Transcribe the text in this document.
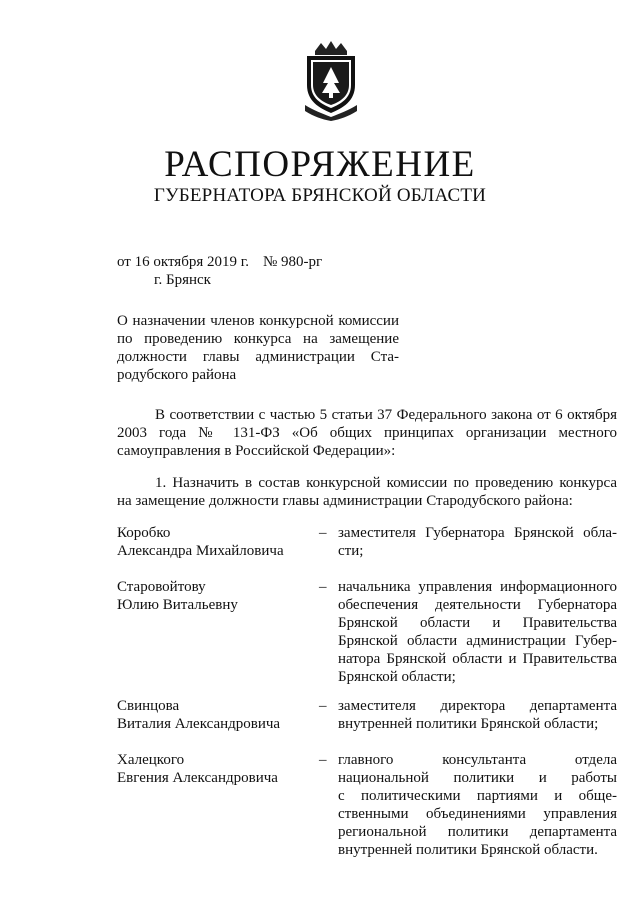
РАСПОРЯЖЕНИЕ
ГУБЕРНАТОРА БРЯНСКОЙ ОБЛАСТИ
от 16 октября 2019 г. № 980-рг
г. Брянск
О назначении членов конкурсной комиссии
по проведению конкурса на замещение
должности главы администрации Ста-
родубского района
В соответствии с частью 5 статьи 37 Федерального закона от 6 октября
2003 года № 131-ФЗ «Об общих принципах организации местного
самоуправления в Российской Федерации»:
1. Назначить в состав конкурсной комиссии по проведению конкурса
на замещение должности главы администрации Стародубского района:
Коробко
Александра Михайловича
– заместителя Губернатора Брянской обла-
сти;
Старовойтову
Юлию Витальевну
– начальника управления информационного
обеспечения деятельности Губернатора
Брянской области и Правительства
Брянской области администрации Губер-
натора Брянской области и Правительства
Брянской области;
Свинцова
Виталия Александровича
– заместителя директора департамента
внутренней политики Брянской области;
Халецкого
Евгения Александровича
– главного консультанта отдела
национальной политики и работы
с политическими партиями и обще-
ственными объединениями управления
региональной политики департамента
внутренней политики Брянской области.
